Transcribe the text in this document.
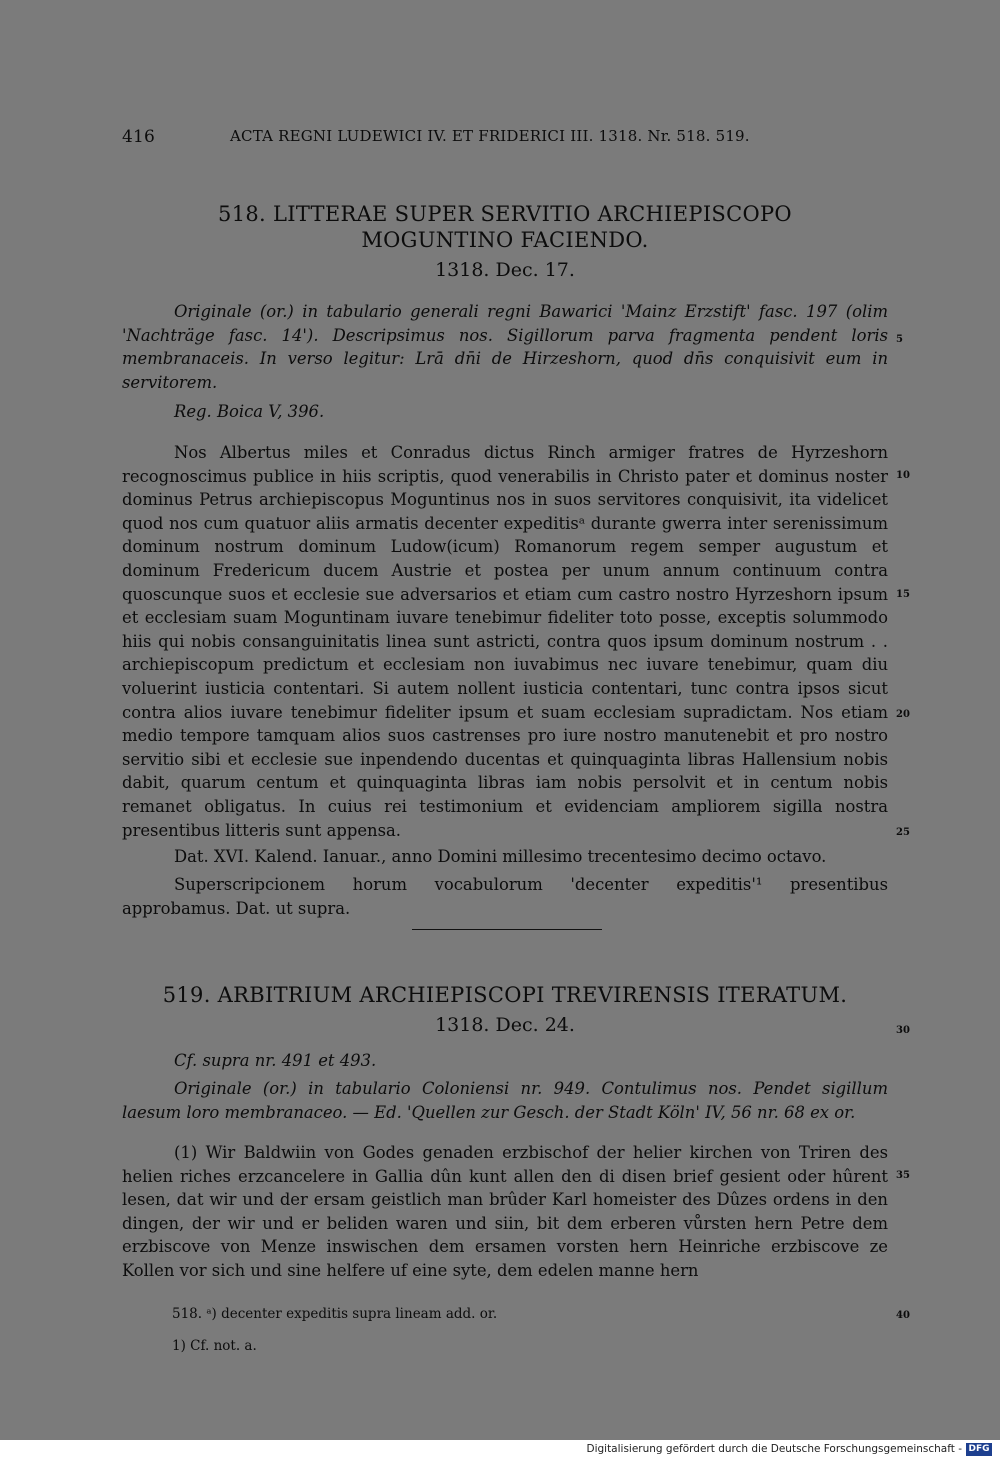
416	ACTA REGNI LUDEWICI IV. ET FRIDERICI III. 1318. Nr. 518. 519.
518. LITTERAE SUPER SERVITIO ARCHIEPISCOPO
MOGUNTINO FACIENDO.
1318. Dec. 17.
Originale (or.) in tabulario generali regni Bawarici 'Mainz Erzstift' fasc. 197 (olim 'Nachträge fasc. 14'). Descripsimus nos. Sigillorum parva fragmenta pendent loris membranaceis. In verso legitur: Lrā dn̄i de Hirzeshorn, quod dn̄s conquisivit eum in servitorem.
Reg. Boica V, 396.
Nos Albertus miles et Conradus dictus Rinch armiger fratres de Hyrzeshorn recognoscimus publice in hiis scriptis, quod venerabilis in Christo pater et dominus noster dominus Petrus archiepiscopus Moguntinus nos in suos servitores conquisivit, ita videlicet quod nos cum quatuor aliis armatis decenter expeditisᵃ durante gwerra inter serenissimum dominum nostrum dominum Ludow(icum) Romanorum regem semper augustum et dominum Fredericum ducem Austrie et postea per unum annum continuum contra quoscunque suos et ecclesie sue adversarios et etiam cum castro nostro Hyrzeshorn ipsum et ecclesiam suam Moguntinam iuvare tenebimur fideliter toto posse, exceptis solummodo hiis qui nobis consanguinitatis linea sunt astricti, contra quos ipsum dominum nostrum . . archiepiscopum predictum et ecclesiam non iuvabimus nec iuvare tenebimur, quam diu voluerint iusticia contentari. Si autem nollent iusticia contentari, tunc contra ipsos sicut contra alios iuvare tenebimur fideliter ipsum et suam ecclesiam supradictam. Nos etiam medio tempore tamquam alios suos castrenses pro iure nostro manutenebit et pro nostro servitio sibi et ecclesie sue inpendendo ducentas et quinquaginta libras Hallensium nobis dabit, quarum centum et quinquaginta libras iam nobis persolvit et in centum nobis remanet obligatus. In cuius rei testimonium et evidenciam ampliorem sigilla nostra presentibus litteris sunt appensa.
Dat. XVI. Kalend. Ianuar., anno Domini millesimo trecentesimo decimo octavo.
Superscripcionem horum vocabulorum 'decenter expeditis'¹ presentibus approbamus. Dat. ut supra.
519. ARBITRIUM ARCHIEPISCOPI TREVIRENSIS ITERATUM.
1318. Dec. 24.
Cf. supra nr. 491 et 493.
Originale (or.) in tabulario Coloniensi nr. 949. Contulimus nos. Pendet sigillum laesum loro membranaceo. — Ed. 'Quellen zur Gesch. der Stadt Köln' IV, 56 nr. 68 ex or.
(1) Wir Baldwiin von Godes genaden erzbischof der helier kirchen von Triren des helien riches erzcancelere in Gallia dûn kunt allen den di disen brief gesient oder hûrent lesen, dat wir und der ersam geistlich man brûder Karl homeister des Dûzes ordens in den dingen, der wir und er beliden waren und siin, bit dem erberen vůrsten hern Petre dem erzbiscove von Menze inswischen dem ersamen vorsten hern Heinriche erzbiscove ze Kollen vor sich und sine helfere uf eine syte, dem edelen manne hern
518. ᵃ) decenter expeditis supra lineam add. or.
1) Cf. not. a.
5
10
15
20
25
30
35
40
Digitalisierung gefördert durch die Deutsche Forschungsgemeinschaft - DFG
